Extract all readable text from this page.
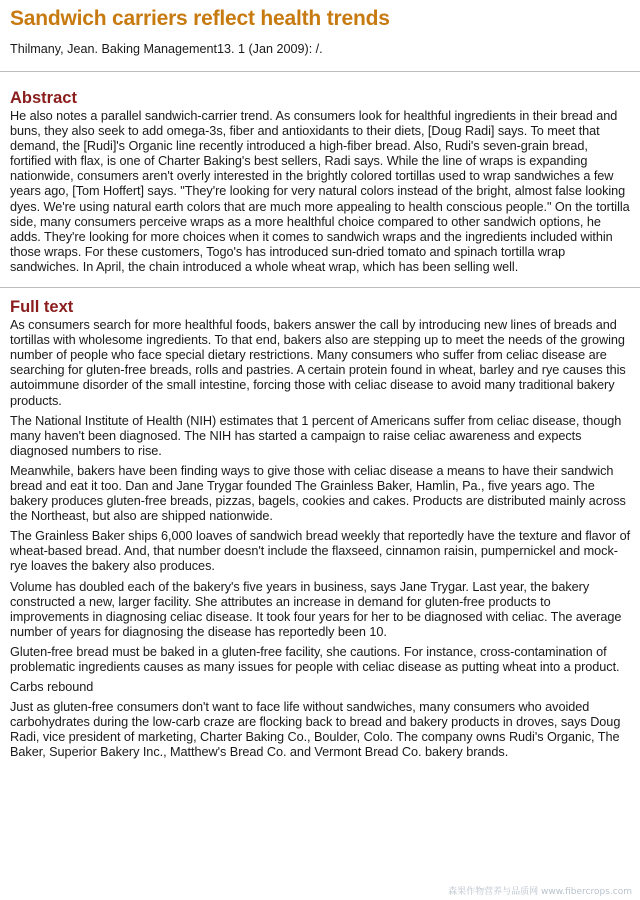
Sandwich carriers reflect health trends
Thilmany, Jean. Baking Management13. 1 (Jan 2009): /.
Abstract

He also notes a parallel sandwich-carrier trend. As consumers look for healthful ingredients in their bread and buns, they also seek to add omega-3s, fiber and antioxidants to their diets, [Doug Radi] says. To meet that demand, the [Rudi]'s Organic line recently introduced a high-fiber bread. Also, Rudi's seven-grain bread, fortified with flax, is one of Charter Baking's best sellers, Radi says. While the line of wraps is expanding nationwide, consumers aren't overly interested in the brightly colored tortillas used to wrap sandwiches a few years ago, [Tom Hoffert] says. "They're looking for very natural colors instead of the bright, almost false looking dyes. We're using natural earth colors that are much more appealing to health conscious people." On the tortilla side, many consumers perceive wraps as a more healthful choice compared to other sandwich options, he adds. They're looking for more choices when it comes to sandwich wraps and the ingredients included within those wraps. For these customers, Togo's has introduced sun-dried tomato and spinach tortilla wrap sandwiches. In April, the chain introduced a whole wheat wrap, which has been selling well.

Full text

As consumers search for more healthful foods, bakers answer the call by introducing new lines of breads and tortillas with wholesome ingredients. To that end, bakers also are stepping up to meet the needs of the growing number of people who face special dietary restrictions. Many consumers who suffer from celiac disease are searching for gluten-free breads, rolls and pastries. A certain protein found in wheat, barley and rye causes this autoimmune disorder of the small intestine, forcing those with celiac disease to avoid many traditional bakery products.

The National Institute of Health (NIH) estimates that 1 percent of Americans suffer from celiac disease, though many haven't been diagnosed. The NIH has started a campaign to raise celiac awareness and expects diagnosed numbers to rise.

Meanwhile, bakers have been finding ways to give those with celiac disease a means to have their sandwich bread and eat it too. Dan and Jane Trygar founded The Grainless Baker, Hamlin, Pa., five years ago. The bakery produces gluten-free breads, pizzas, bagels, cookies and cakes. Products are distributed mainly across the Northeast, but also are shipped nationwide.

The Grainless Baker ships 6,000 loaves of sandwich bread weekly that reportedly have the texture and flavor of wheat-based bread. And, that number doesn't include the flaxseed, cinnamon raisin, pumpernickel and mock-rye loaves the bakery also produces.

Volume has doubled each of the bakery's five years in business, says Jane Trygar. Last year, the bakery constructed a new, larger facility. She attributes an increase in demand for gluten-free products to improvements in diagnosing celiac disease. It took four years for her to be diagnosed with celiac. The average number of years for diagnosing the disease has reportedly been 10.

Gluten-free bread must be baked in a gluten-free facility, she cautions. For instance, cross-contamination of problematic ingredients causes as many issues for people with celiac disease as putting wheat into a product.

Carbs rebound

Just as gluten-free consumers don't want to face life without sandwiches, many consumers who avoided carbohydrates during the low-carb craze are flocking back to bread and bakery products in droves, says Doug Radi, vice president of marketing, Charter Baking Co., Boulder, Colo. The company owns Rudi's Organic, The Baker, Superior Bakery Inc., Matthew's Bread Co. and Vermont Bread Co. bakery brands.

森果作物营养与品质网 www.fibercrops.com
